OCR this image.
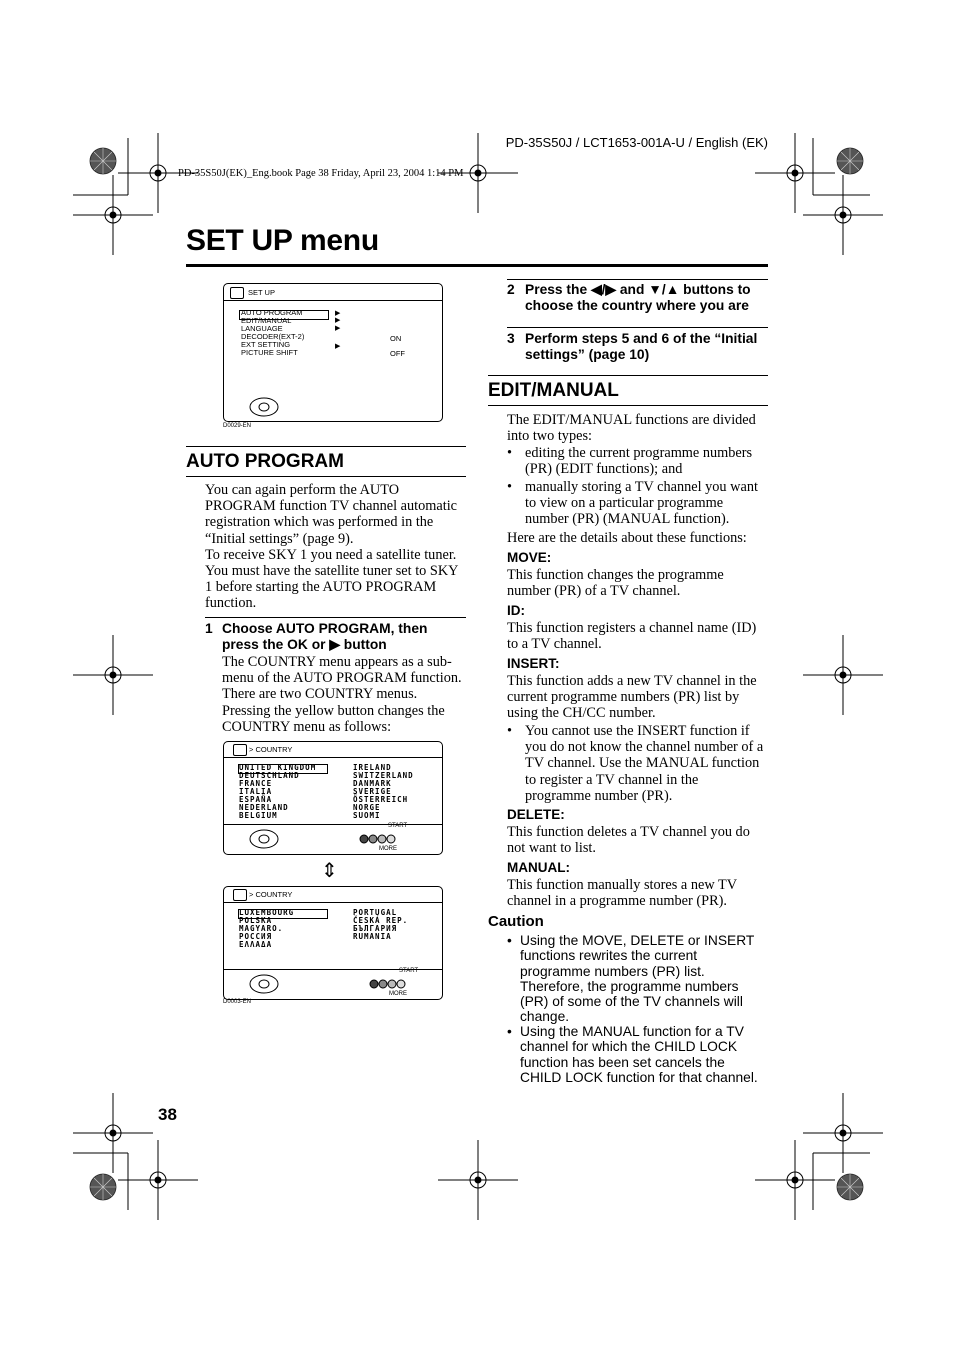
PD-35S50J / LCT1653-001A-U / English (EK)
PD-35S50J(EK)_Eng.book Page 38 Friday, April 23, 2004 1:14 PM
SET UP menu
SET UP
AUTO PROGRAM	▶
EDIT/MANUAL	▶
LANGUAGE	▶
DECODER(EXT-2)	ON
EXT SETTING	▶
PICTURE SHIFT	OFF
D0029-EN
AUTO PROGRAM
You can again perform the AUTO PROGRAM function TV channel automatic registration which was performed in the “Initial settings” (page 9).
To receive SKY 1 you need a satellite tuner. You must have the satellite tuner set to SKY 1 before starting the AUTO PROGRAM function.
1 Choose AUTO PROGRAM, then press the OK or ▶ button
The COUNTRY menu appears as a sub-menu of the AUTO PROGRAM function. There are two COUNTRY menus. Pressing the yellow button changes the COUNTRY menu as follows:
> COUNTRY
UNITED KINGDOM
DEUTSCHLAND
FRANCE
ITALIA
ESPAÑA
NEDERLAND
BELGIUM
IRELAND
SWITZERLAND
DANMARK
SVERIGE
ÖSTERREICH
NORGE
SUOMI
START
MORE
⇕
> COUNTRY
LUXEMBOURG
POLSKA
MAGYARO.
РОССИЯ
ΕΛΛΑΔΑ
PORTUGAL
ČESKÁ REP.
БЪЛГАРИЯ
RUMANIA
START
MORE
D0003-EN
2 Press the ◀/▶ and ▼/▲ buttons to choose the country where you are
3 Perform steps 5 and 6 of the “Initial settings” (page 10)
EDIT/MANUAL
The EDIT/MANUAL functions are divided into two types:
• editing the current programme numbers (PR) (EDIT functions); and
• manually storing a TV channel you want to view on a particular programme number (PR) (MANUAL function).
Here are the details about these functions:
MOVE:
This function changes the programme number (PR) of a TV channel.
ID:
This function registers a channel name (ID) to a TV channel.
INSERT:
This function adds a new TV channel in the current programme numbers (PR) list by using the CH/CC number.
• You cannot use the INSERT function if you do not know the channel number of a TV channel. Use the MANUAL function to register a TV channel in the programme number (PR).
DELETE:
This function deletes a TV channel you do not want to list.
MANUAL:
This function manually stores a new TV channel in a programme number (PR).
Caution
• Using the MOVE, DELETE or INSERT functions rewrites the current programme numbers (PR) list. Therefore, the programme numbers (PR) of some of the TV channels will change.
• Using the MANUAL function for a TV channel for which the CHILD LOCK function has been set cancels the CHILD LOCK function for that channel.
38
